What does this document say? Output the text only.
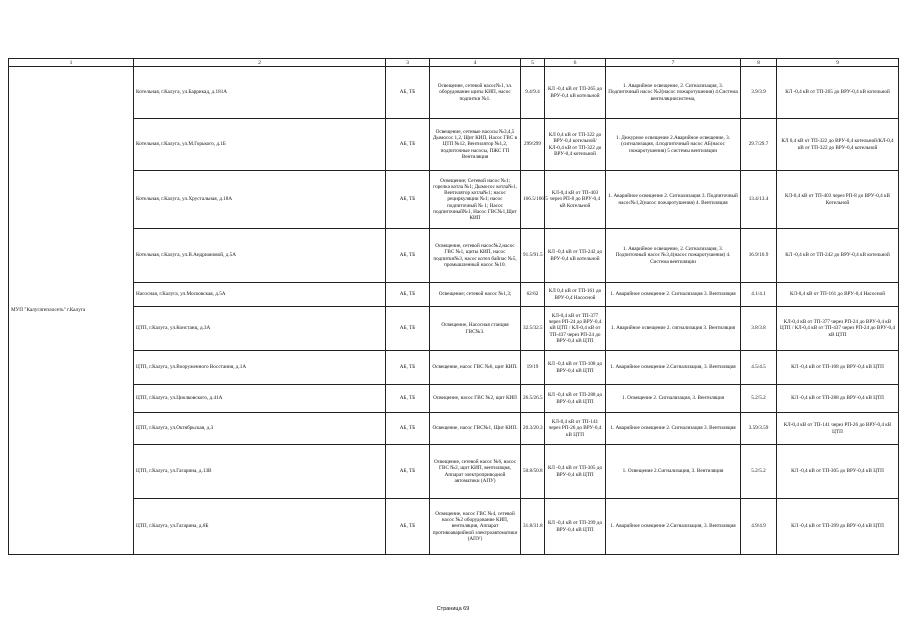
1	2	3	4	5	6	7	8	9
МУП "Калугатеплосеть" г.Калуга	Котельная, г.Калуга, ул.Баррикад, д.181А	АБ, ТБ	Освещение, сетевой насос№1, эл. оборудование щиты КИП, насос подпитки №1.	9.4/9.4	КЛ -0,4 кВ от ТП-265 до ВРУ-0,4 кВ котельной	1. Аварийное освещение, 2. Сигнализация, 3. Подпиточный насос №2(насос пожаротушения) 4.Система вентиляциисистема,	3.9/3.9	КЛ -0,4 кВ от ТП-265 до ВРУ-0,4 кВ котельной
	Котельная, г.Калуга, ул.М.Горького, д.1Б	АБ, ТБ	Освещение, сетевые насосы №3,4,5 Дымосос 1,2, Щит КИП, Насос ГВС в ЦТП №12, Вентилятор №1,2, подпиточные насосы, ПЖС ГП Вентиляция	299/299	КЛ 0,4 кВ от ТП-322 до ВРУ-0,4 котельной/КЛ-0,4 кВ от ТП-322 до ВРУ-0,4 котельной	1. Дежурное освещение 2.Аварийное освещение, 3. (сигнализация, 4.подпиточный насос АБ(насос пожаротушения) 5 системы вентиляции	29.7/29.7	КЛ 0,4 кВ от ТП-322 до ВРУ-0,4 котельной/КЛ-0,4 кВ от ТП-322 до ВРУ-0,4 котельной
	Котельная, г.Калуга, ул.Хрустальная, д.18А	АБ, ТБ	Освещение; Сетевой насос №1; горелка котла №1; Дымосос котла№1, Вентилятор котла№1; насос рециркуляции №1; насос подпиточный № 1; Насос подпиточный№1, Насос ГВС№1,Щит КИП	166.5/166.5	КЛ-0,4 кВ от ТП-403 через РП-8 до ВРУ-0,4 кВ Котельной	1. Аварийное освещение 2. Сигнализация 3. Подпиточный насос№1,2(насос пожаротушения) 4. Вентиляция	13.4/13.4	КЛ-0,4 кВ от ТП-403 через РП-8 до ВРУ-0,4 кВ Котельной
	Котельная, г.Калуга, ул.В.Андриановой, д.5А	АБ, ТБ	Освещение, сетевой насос№2,насос ГВС №1, щиты КИП, насос подпитки№3, насос котел байпас №5, промышленный насос №10.	91.5/91.5	КЛ -0,4 кВ от ТП-242 до ВРУ-0,4 кВ котельной	1. Аварийное освещение, 2. Сигнализация, 3. Подпиточный насос №3,4(насос пожаротушения) 4. Система вентиляции	16.9/16.9	КЛ -0,4 кВ от ТП-242 до ВРУ-0,4 кВ котельной
	Насосная, г.Калуга, ул.Московская, д.5А	АБ, ТБ	Освещение; сетевой насос №1,3;	62/62	КЛ 0,4 кВ от ТП-161 до ВРУ-0,4 Насосной	1. Аварийное освещение 2. Сигнализация 3. Вентиляция	4.1/4.1	КЛ-0,4 кВ от ТП-161 до ВРУ-0,4 Насосной
	ЦТП, г.Калуга, ул.Констанц, д.3А	АБ, ТБ	Освещение, Насосная станция ГВС№3.	32.5/32.5	КЛ-0,4 кВ от ТП-377 через РП-24 до ВРУ-0,4 кВ ЦТП / КЛ-0,4 кВ от ТП-437 через РП-24 до ВРУ-0,4 кВ ЦТП	1. Аварийное освещение 2. сигнализация 3. Вентиляция	3.8/3.8	КЛ-0,4 кВ от ТП-377 через РП-24 до ВРУ-0,4 кВ ЦТП / КЛ-0,4 кВ от ТП-437 через РП-24 до ВРУ-0,4 кВ ЦТП
	ЦТП, г.Калуга, ул.Вооруженного Восстания, д.1А	АБ, ТБ	Освещение, насос ГВС №6, щит КИП.	19/19	КЛ -0,4 кВ от ТП-108 до ВРУ-0,4 кВ ЦТП	1. Аварийное освещение 2.Сигнализация, 3. Вентиляция	4.5/4.5	КЛ -0,4 кВ от ТП-108 до ВРУ-0,4 кВ ЦТП
	ЦТП, г.Калуга, ул.Циолковского, д.41А	АБ, ТБ	Освещение, насос ГВС №2, щит КИП	26.5/26.5	КЛ -0,4 кВ от ТП-288 до ВРУ-0,4 кВ ЦТП	1. Освещение 2. Сигнализация, 3. Вентиляция	5.2/5.2	КЛ -0,4 кВ от ТП-288 до ВРУ-0,4 кВ ЦТП
	ЦТП, г.Калуга, ул.Октябрьская, д.3	АБ, ТБ	Освещение, насос ГВС№1, Щит КИП.	20.3/20.3	КЛ-0,4 кВ от ТП-141 через РП-26 до ВРУ-0,4 кВ ЦТП	1. Аварийное освещение 2. Сигнализация 3. Вентиляция	3.59/3.59	КЛ-0,4 кВ от ТП-141 через РП-26 до ВРУ-0,4 кВ ЦТП
	ЦТП, г.Калуга, ул.Гагарина, д.13В	АБ, ТБ	Освещение, сетевой насос №6, насос ГВС №2, щит КИП, вентиляция, Аппарат электроприводной автоматики (АПУ)	50.8/50.8	КЛ -0,4 кВ от ТП-305 до ВРУ-0,4 кВ ЦТП	1. Освещение 2.Сигнализация, 3. Вентиляция	5.2/5.2	КЛ -0,4 кВ от ТП-305 до ВРУ-0,4 кВ ЦТП
	ЦТП, г.Калуга, ул.Гагарина, д.8Б	АБ, ТБ	Освещение, насос ГВС №4, сетевой насос №2 оборудование КИП, вентиляция, Аппарат противоаварийной электроавтоматики (АПУ)	31.8/31.8	КЛ -0,4 кВ от ТП-399 до ВРУ-0,4 кВ ЦТП	1. Аварийное освещение 2.Сигнализация, 3. Вентиляция	4.9/4.9	КЛ -0,4 кВ от ТП-399 до ВРУ-0,4 кВ ЦТП
Страница 69
